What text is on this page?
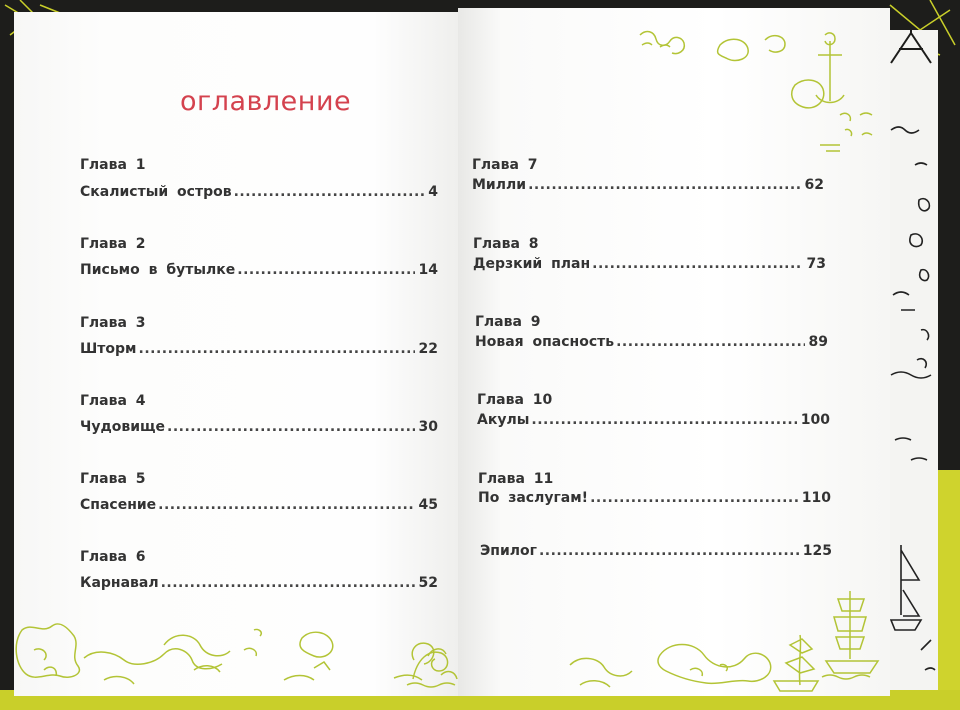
оглавление
Глава 1
Скалистый остров .....	4
Глава 2
Письмо в бутылке .....	14
Глава 3
Шторм .....	22
Глава 4
Чудовище .....	30
Глава 5
Спасение .....	45
Глава 6
Карнавал .....	52
Глава 7
Милли .....	62
Глава 8
Дерзкий план .....	73
Глава 9
Новая опасность .....	89
Глава 10
Акулы .....	100
Глава 11
По заслугам! .....	110
Эпилог .....	125
